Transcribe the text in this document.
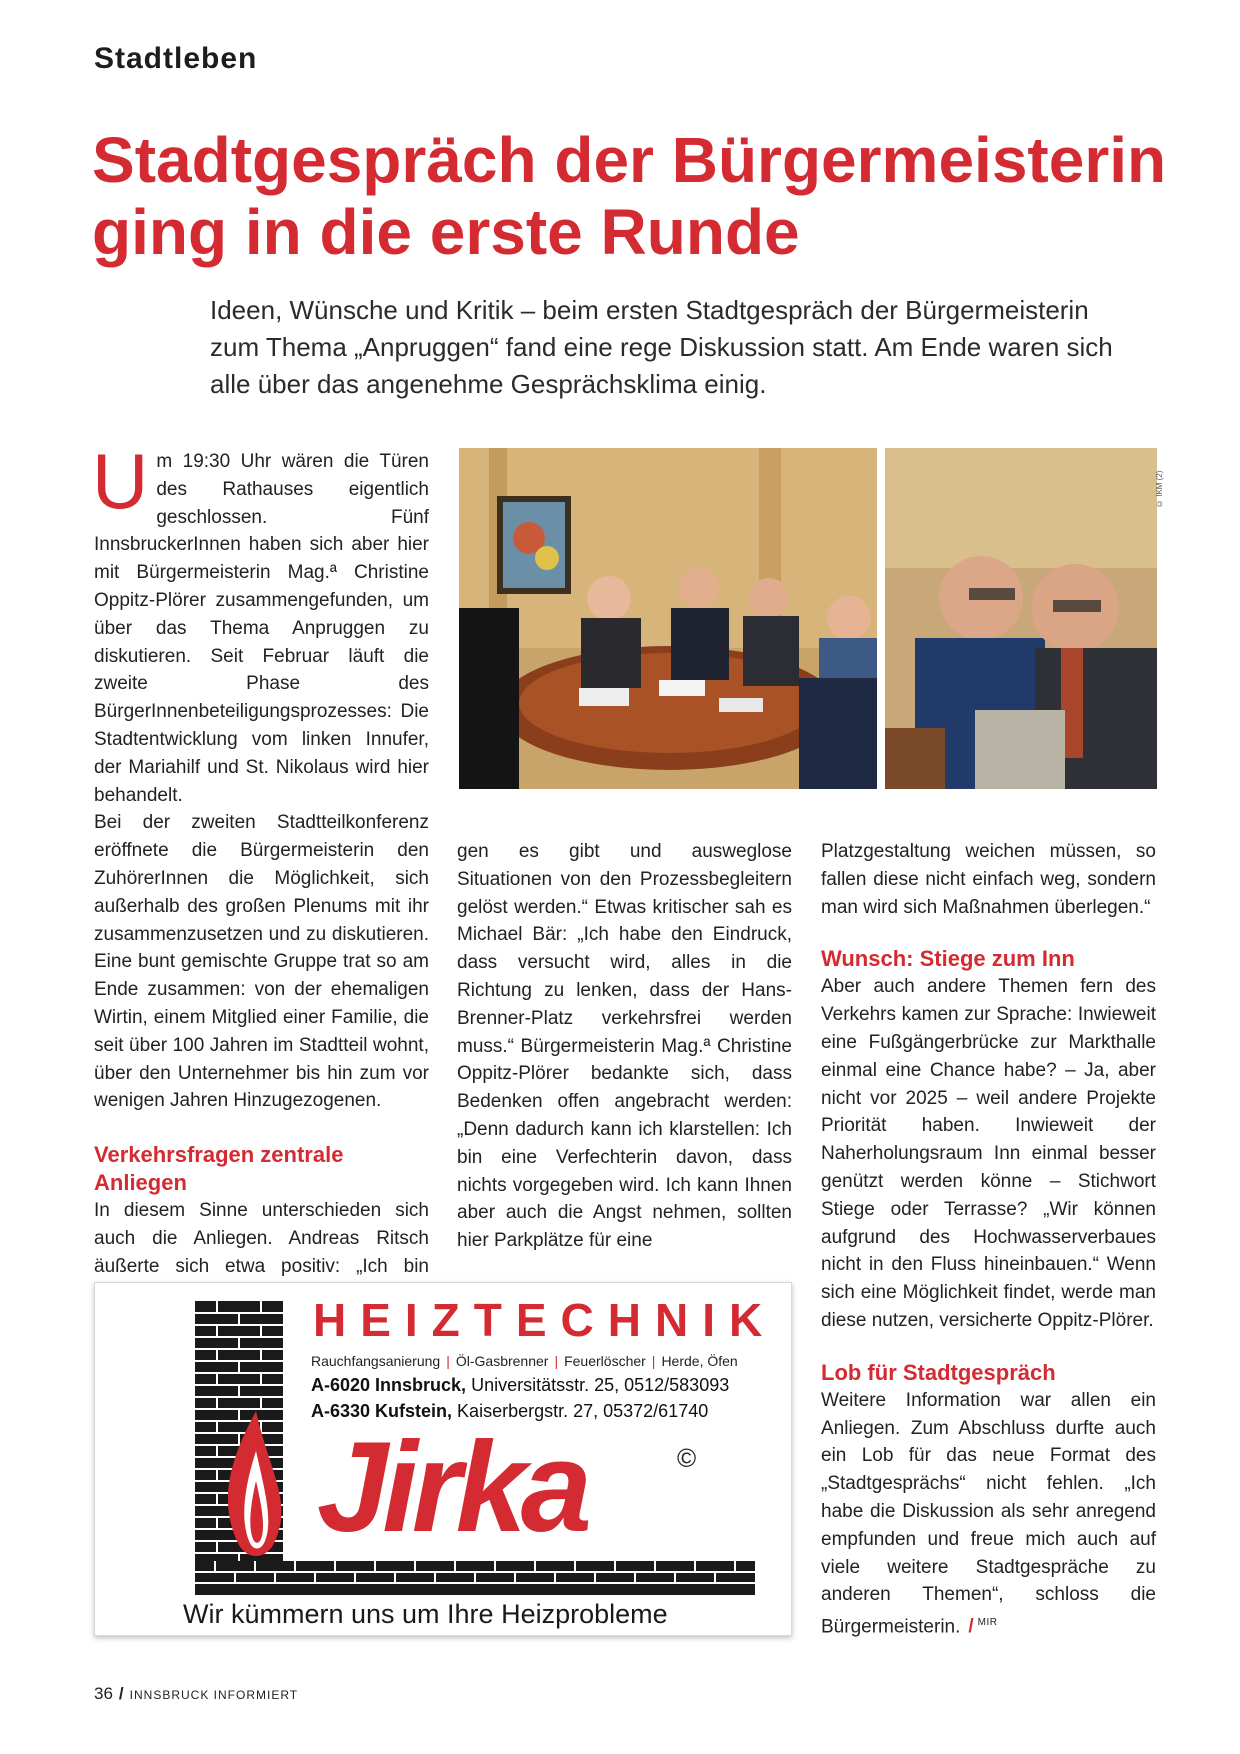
Stadtleben
Stadtgespräch der Bürgermeisterin
ging in die erste Runde

Ideen, Wünsche und Kritik – beim ersten Stadtgespräch der Bürgermeisterin
zum Thema „Anpruggen“ fand eine rege Diskussion statt. Am Ende waren sich
alle über das angenehme Gesprächsklima einig.

Um 19:30 Uhr wären die Türen des Rathauses eigentlich geschlossen. Fünf InnsbruckerInnen haben sich aber hier mit Bürgermeisterin Mag.ª Christine Oppitz-Plörer zusammengefunden, um über das Thema Anpruggen zu diskutieren. Seit Februar läuft die zweite Phase des BürgerInnenbeteiligungsprozesses: Die Stadtentwicklung vom linken Innufer, der Mariahilf und St. Nikolaus wird hier behandelt.

Bei der zweiten Stadtteilkonferenz eröffnete die Bürgermeisterin den ZuhörerInnen die Möglichkeit, sich außerhalb des großen Plenums mit ihr zusammenzusetzen und zu diskutieren. Eine bunt gemischte Gruppe trat so am Ende zusammen: von der ehemaligen Wirtin, einem Mitglied einer Familie, die seit über 100 Jahren im Stadtteil wohnt, über den Unternehmer bis hin zum vor wenigen Jahren Hinzugezogenen.

Verkehrsfragen zentrale Anliegen

In diesem Sinne unterschieden sich auch die Anliegen. Andreas Ritsch äußerte sich etwa positiv: „Ich bin

© IKM (2)

gen es gibt und ausweglose Situationen von den Prozessbegleitern gelöst werden.“ Etwas kritischer sah es Michael Bär: „Ich habe den Eindruck, dass versucht wird, alles in die Richtung zu lenken, dass der Hans-Brenner-Platz verkehrsfrei werden muss.“ Bürgermeisterin Mag.ª Christine Oppitz-Plörer bedankte sich, dass Bedenken offen angebracht werden: „Denn dadurch kann ich klarstellen: Ich bin eine Verfechterin davon, dass nichts vorgegeben wird. Ich kann Ihnen aber auch die Angst nehmen, sollten hier Parkplätze für eine

Platzgestaltung weichen müssen, so fallen diese nicht einfach weg, sondern man wird sich Maßnahmen überlegen.“

Wunsch: Stiege zum Inn

Aber auch andere Themen fern des Verkehrs kamen zur Sprache: Inwieweit eine Fußgängerbrücke zur Markthalle einmal eine Chance habe? – Ja, aber nicht vor 2025 – weil andere Projekte Priorität haben. Inwieweit der Naherholungsraum Inn einmal besser genützt werden könne – Stichwort Stiege oder Terrasse? „Wir können aufgrund des Hochwasserverbaues nicht in den Fluss hineinbauen.“ Wenn sich eine Möglichkeit findet, werde man diese nutzen, versicherte Oppitz-Plörer.

Lob für Stadtgespräch

Weitere Information war allen ein Anliegen. Zum Abschluss durfte auch ein Lob für das neue Format des „Stadtgesprächs“ nicht fehlen. „Ich habe die Diskussion als sehr anregend empfunden und freue mich auch auf viele weitere Stadtgespräche zu anderen Themen“, schloss die Bürgermeisterin. / $^{MIR}$

HEIZTECHNIK
Rauchfangsanierung | Öl-Gasbrenner | Feuerlöscher | Herde, Öfen
A-6020 Innsbruck, Universitätsstr. 25, 0512/583093
A-6330 Kufstein, Kaiserbergstr. 27, 05372/61740
Jirka	©
Wir kümmern uns um Ihre Heizprobleme
36 / INNSBRUCK INFORMIERT
